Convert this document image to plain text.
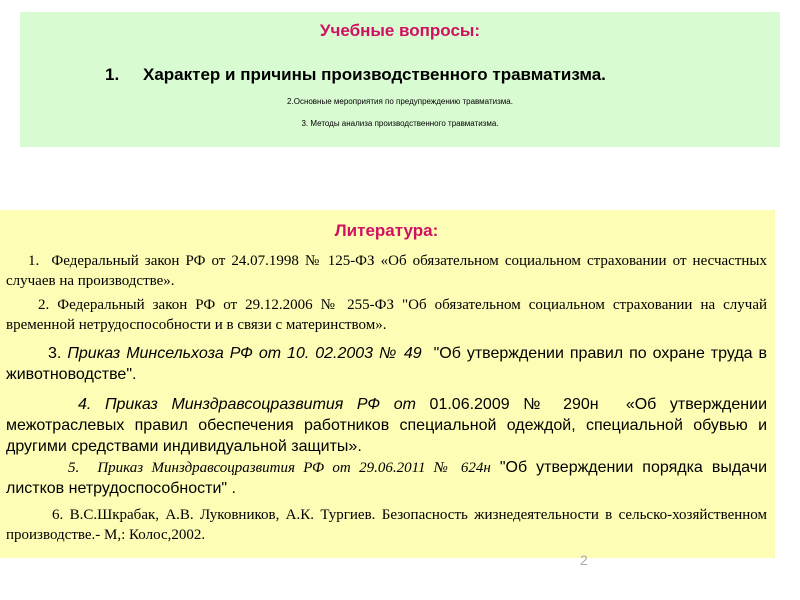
Учебные вопросы:
1. Характер и причины производственного травматизма.
2.Основные мероприятия по предупреждению травматизма.
3. Методы анализа производственного травматизма.
Литература:

1. Федеральный закон РФ от 24.07.1998 № 125-ФЗ «Об обязательном социальном страховании от несчастных случаев на производстве».

2. Федеральный закон РФ от 29.12.2006 № 255-ФЗ "Об обязательном социальном страховании на случай временной нетрудоспособности и в связи с материнством».

3. Приказ Минсельхоза РФ от 10. 02.2003 № 49 "Об утверждении правил по охране труда в животноводстве".

4. Приказ Минздравсоцразвития РФ от 01.06.2009 № 290н «Об утверждении межотраслевых правил обеспечения работников специальной одеждой, специальной обувью и другими средствами индивидуальной защиты».

5. Приказ Минздравсоцразвития РФ от 29.06.2011 № 624н "Об утверждении порядка выдачи листков нетрудоспособности" .

6. В.С.Шкрабак, А.В. Луковников, А.К. Тургиев. Безопасность жизнедеятельности в сельско-хозяйственном производстве.- М,: Колос,2002.

2
